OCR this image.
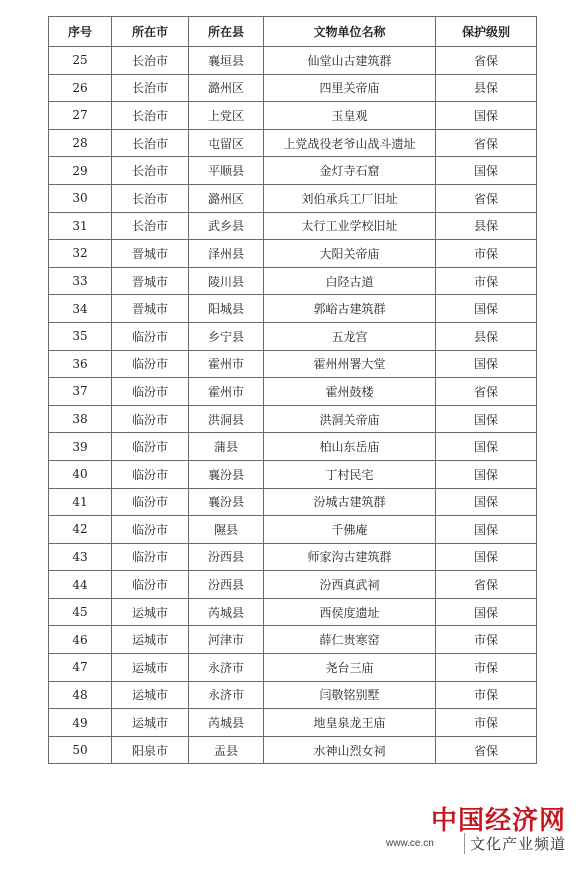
序号	所在市	所在县	文物单位名称	保护级别
25	长治市	襄垣县	仙堂山古建筑群	省保
26	长治市	潞州区	四里关帝庙	县保
27	长治市	上党区	玉皇观	国保
28	长治市	屯留区	上党战役老爷山战斗遗址	省保
29	长治市	平顺县	金灯寺石窟	国保
30	长治市	潞州区	刘伯承兵工厂旧址	省保
31	长治市	武乡县	太行工业学校旧址	县保
32	晋城市	泽州县	大阳关帝庙	市保
33	晋城市	陵川县	白陉古道	市保
34	晋城市	阳城县	郭峪古建筑群	国保
35	临汾市	乡宁县	五龙宫	县保
36	临汾市	霍州市	霍州州署大堂	国保
37	临汾市	霍州市	霍州鼓楼	省保
38	临汾市	洪洞县	洪洞关帝庙	国保
39	临汾市	蒲县	柏山东岳庙	国保
40	临汾市	襄汾县	丁村民宅	国保
41	临汾市	襄汾县	汾城古建筑群	国保
42	临汾市	隰县	千佛庵	国保
43	临汾市	汾西县	师家沟古建筑群	国保
44	临汾市	汾西县	汾西真武祠	省保
45	运城市	芮城县	西侯度遗址	国保
46	运城市	河津市	薛仁贵寒窑	市保
47	运城市	永济市	尧台三庙	市保
48	运城市	永济市	闫敬铭别墅	市保
49	运城市	芮城县	地皇泉龙王庙	市保
50	阳泉市	盂县	水神山烈女祠	省保
中国经济网
www.ce.cn	文化产业频道
